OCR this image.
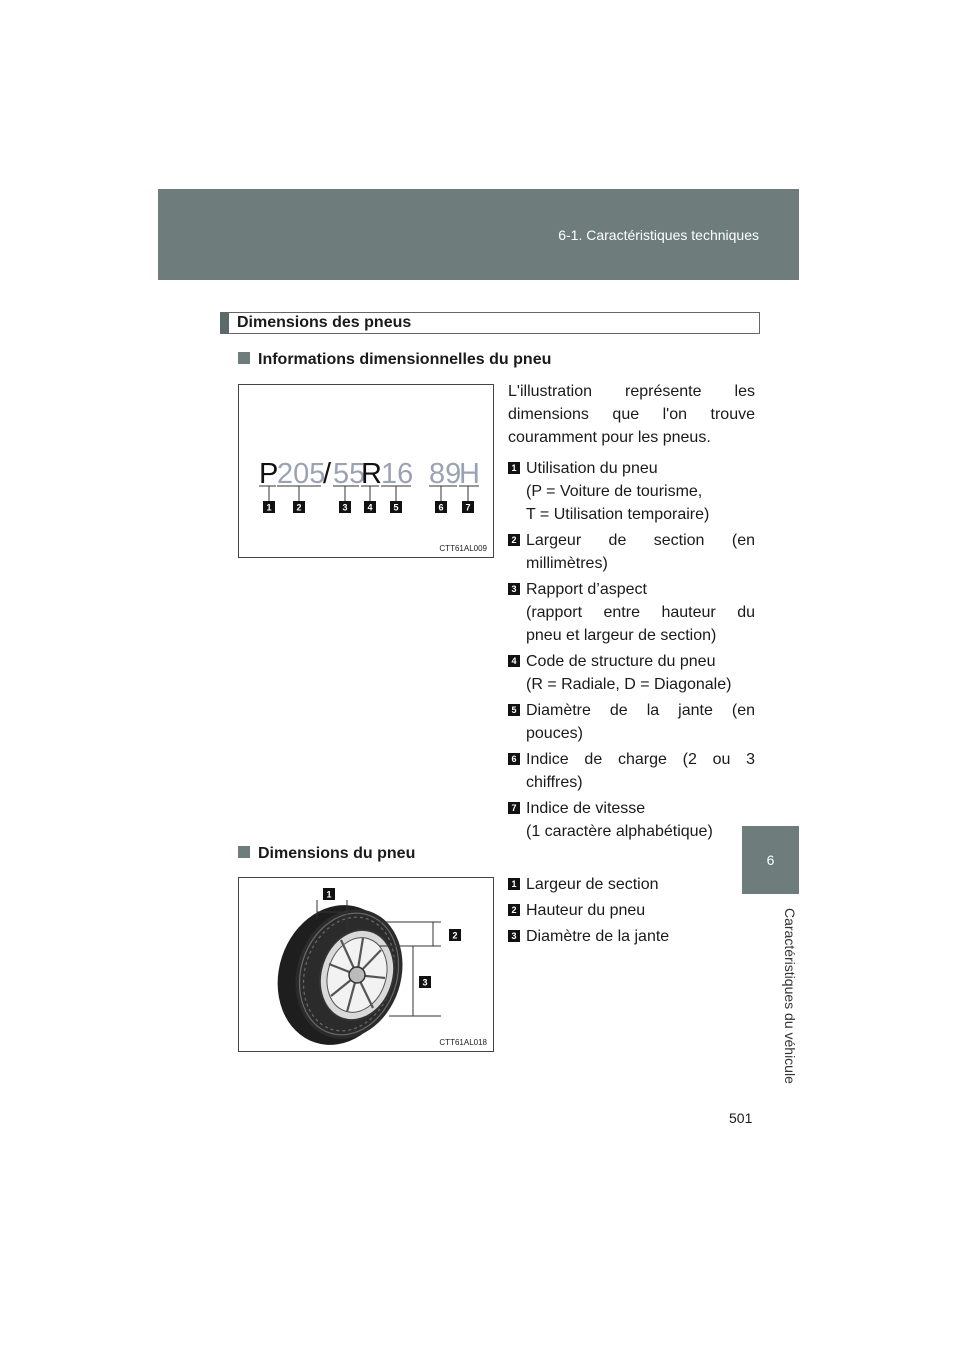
6-1. Caractéristiques techniques
6
Caractéristiques du véhicule
Dimensions des pneus
Informations dimensionnelles du pneu
P
205
/ 55
R 16 89
H
1	2	3 4 5	6 7
CTT61AL009
L'illustration représente les dimensions que l'on trouve couramment pour les pneus.
1 Utilisation du pneu
(P = Voiture de tourisme,
T = Utilisation temporaire)
2 Largeur de section (en
millimètres)
3 Rapport d’aspect
(rapport entre hauteur du
pneu et largeur de section)
4 Code de structure du pneu
(R = Radiale, D = Diagonale)
5 Diamètre de la jante (en
pouces)
6 Indice de charge (2 ou 3
chiffres)
7 Indice de vitesse
(1 caractère alphabétique)
Dimensions du pneu
1
2
3
CTT61AL018
1 Largeur de section
2 Hauteur du pneu
3 Diamètre de la jante
501
